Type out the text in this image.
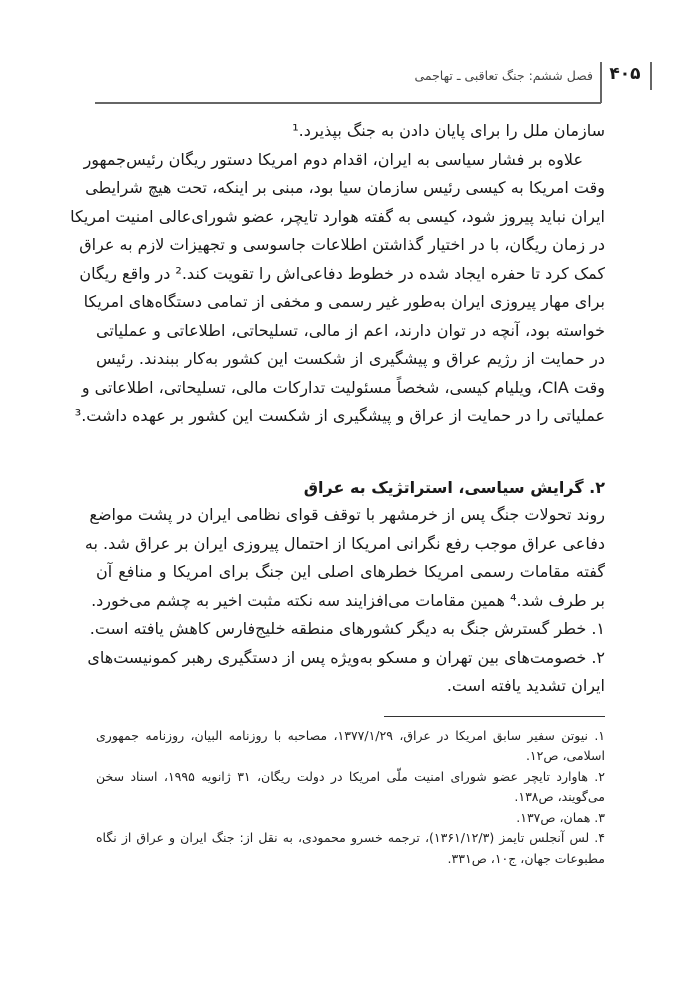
فصل ششم: جنگ تعاقبی ـ تهاجمی ۴۰۵
سازمان ملل را برای پایان دادن به جنگ بپذیرد.¹
علاوه بر فشار سیاسی به ایران، اقدام دوم امریکا دستور ریگان رئیس‌جمهور
وقت امریکا به کیسی رئیس سازمان سیا بود، مبنی بر اینکه، تحت هیچ شرایطی
ایران نباید پیروز شود، کیسی به گفته هوارد تایچر، عضو شورای‌عالی امنیت امریکا
در زمان ریگان، با در اختیار گذاشتن اطلاعات جاسوسی و تجهیزات لازم به عراق
کمک کرد تا حفره ایجاد شده در خطوط دفاعی‌اش را تقویت کند.² در واقع ریگان
برای مهار پیروزی ایران به‌طور غیر رسمی و مخفی از تمامی دستگاه‌های امریکا
خواسته بود، آنچه در توان دارند، اعم از مالی، تسلیحاتی، اطلاعاتی و عملیاتی
در حمایت از رژیم عراق و پیشگیری از شکست این کشور به‌کار ببندند. رئیس
وقت CIA، ویلیام کیسی، شخصاً مسئولیت تدارکات مالی، تسلیحاتی، اطلاعاتی و
عملیاتی را در حمایت از عراق و پیشگیری از شکست این کشور بر عهده داشت.³
۲. گرایش سیاسی، استراتژیک به عراق
روند تحولات جنگ پس از خرمشهر با توقف قوای نظامی ایران در پشت مواضع
دفاعی عراق موجب رفع نگرانی امریکا از احتمال پیروزی ایران بر عراق شد. به
گفته مقامات رسمی امریکا خطرهای اصلی این جنگ برای امریکا و منافع آن
بر طرف شد.⁴ همین مقامات می‌افزایند سه نکته مثبت اخیر به چشم می‌خورد.
۱. خطر گسترش جنگ به دیگر کشورهای منطقه خلیج‌فارس کاهش یافته است.
۲. خصومت‌های بین تهران و مسکو به‌ویژه پس از دستگیری رهبر کمونیست‌های
ایران تشدید یافته است.
۱. نیوتن سفیر سابق امریکا در عراق، ۱۳۷۷/۱/۲۹، مصاحبه با روزنامه البیان، روزنامه جمهوری
اسلامی، ص۱۲.
۲. هاوارد تایچر عضو شورای امنیت ملّی امریکا در دولت ریگان، ۳۱ ژانویه ۱۹۹۵، اسناد سخن
می‌گویند، ص۱۳۸.
۳. همان، ص۱۳۷.
۴. لس آنجلس تایمز (۱۳۶۱/۱۲/۳)، ترجمه خسرو محمودی، به نقل از: جنگ ایران و عراق از نگاه
مطبوعات جهان، ج۱۰، ص۳۳۱.
